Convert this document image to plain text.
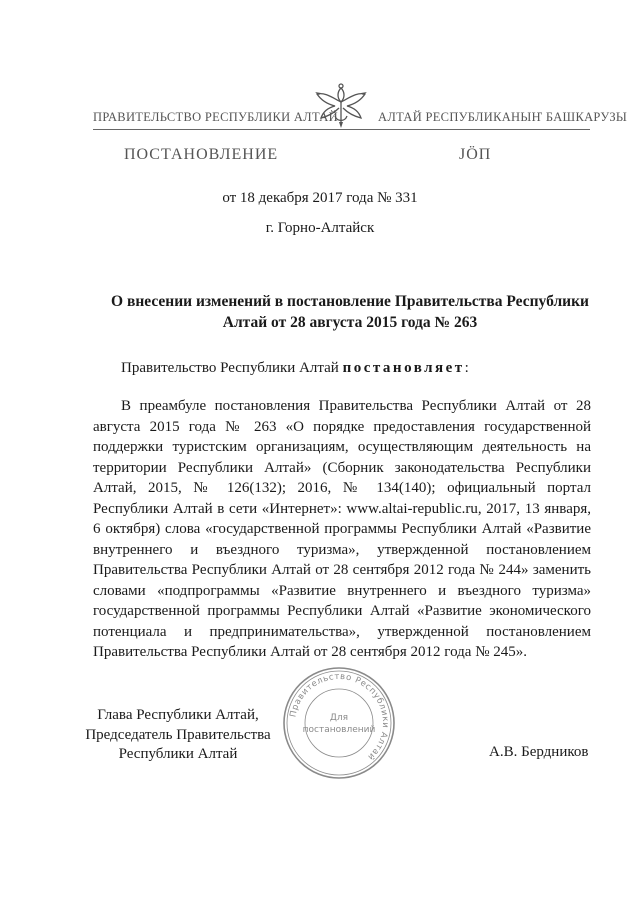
ПРАВИТЕЛЬСТВО РЕСПУБЛИКИ АЛТАЙ	АЛТАЙ РЕСПУБЛИКАНЫҤ БАШКАРУЗЫ
ПОСТАНОВЛЕНИЕ	JӦП
от 18 декабря 2017 года № 331
г. Горно-Алтайск
О внесении изменений в постановление Правительства Республики Алтай от 28 августа 2015 года № 263
Правительство Республики Алтай постановляет:
В преамбуле постановления Правительства Республики Алтай от 28 августа 2015 года № 263 «О порядке предоставления государственной поддержки туристским организациям, осуществляющим деятельность на территории Республики Алтай» (Сборник законодательства Республики Алтай, 2015, № 126(132); 2016, № 134(140); официальный портал Республики Алтай в сети «Интернет»: www.altai-republic.ru, 2017, 13 января, 6 октября) слова «государственной программы Республики Алтай «Развитие внутреннего и въездного туризма», утвержденной постановлением Правительства Республики Алтай от 28 сентября 2012 года № 244» заменить словами «подпрограммы «Развитие внутреннего и въездного туризма» государственной программы Республики Алтай «Развитие экономического потенциала и предпринимательства», утвержденной постановлением Правительства Республики Алтай от 28 сентября 2012 года № 245».
Глава Республики Алтай,
Председатель Правительства
Республики Алтай	А.В. Бердников
Правительство Республики Алтай
Для
постановлений
